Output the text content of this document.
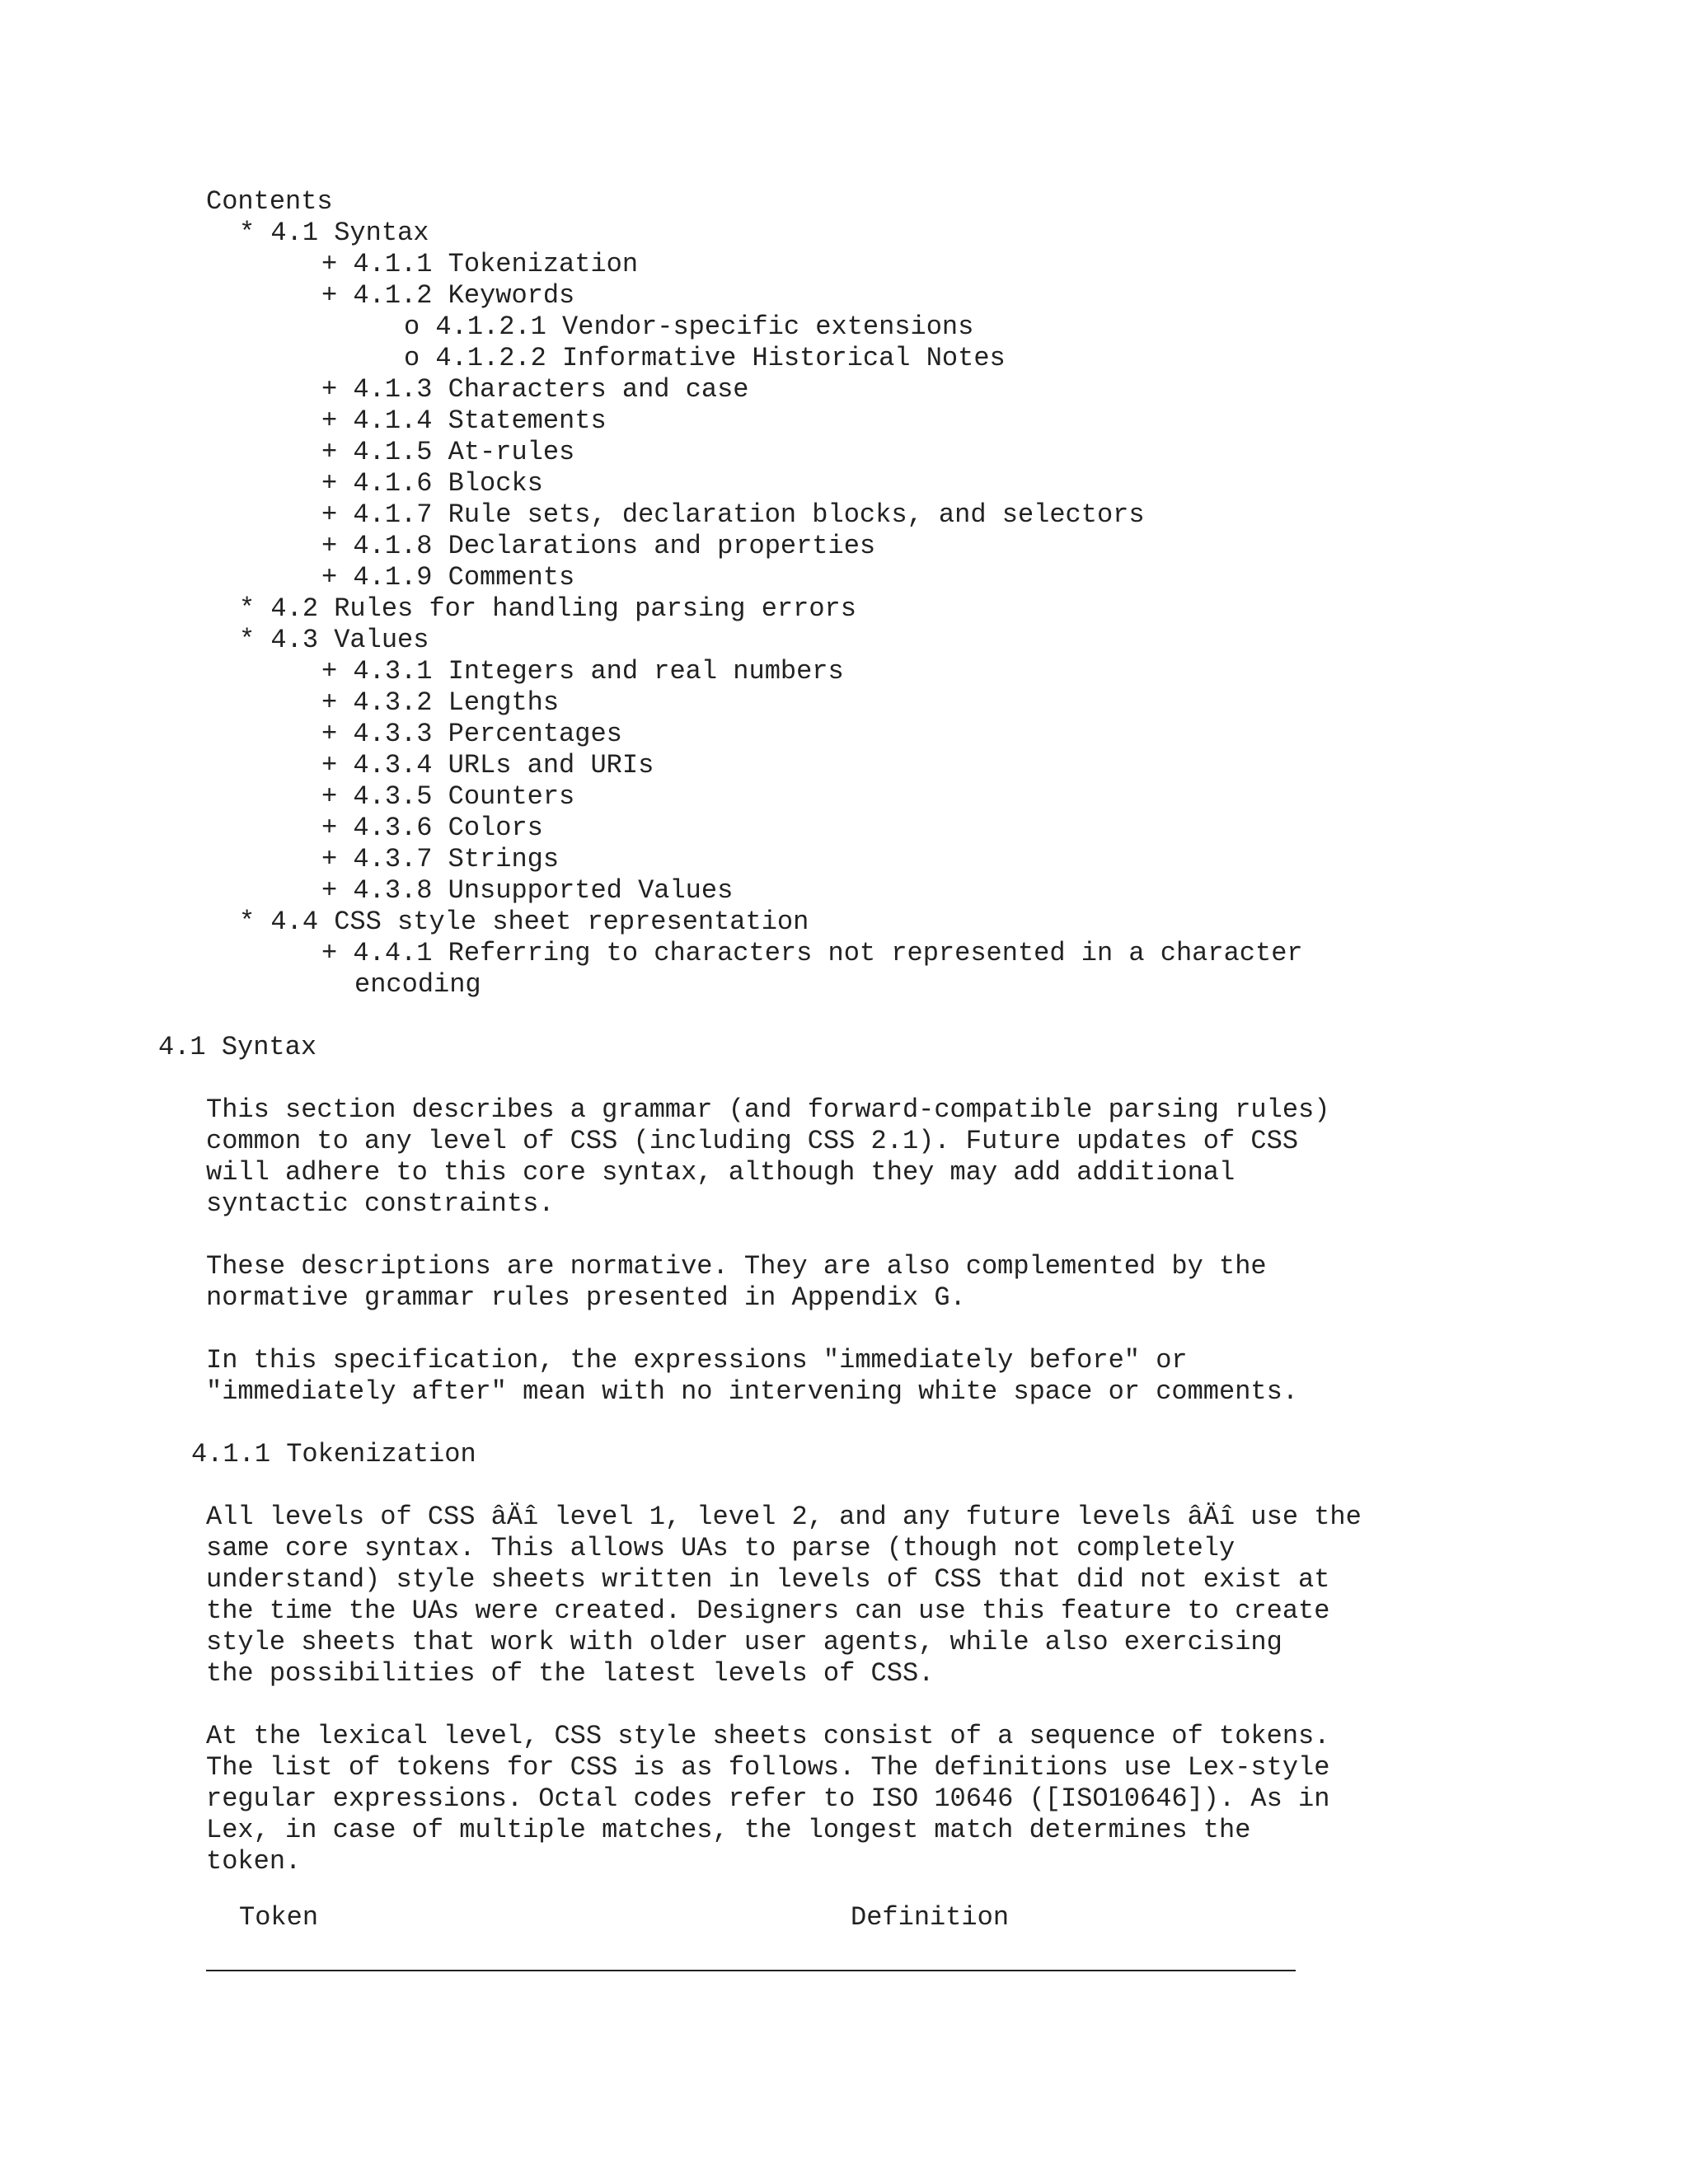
Contents
* 4.1 Syntax
+ 4.1.1 Tokenization
+ 4.1.2 Keywords
o 4.1.2.1 Vendor-specific extensions
o 4.1.2.2 Informative Historical Notes
+ 4.1.3 Characters and case
+ 4.1.4 Statements
+ 4.1.5 At-rules
+ 4.1.6 Blocks
+ 4.1.7 Rule sets, declaration blocks, and selectors
+ 4.1.8 Declarations and properties
+ 4.1.9 Comments
* 4.2 Rules for handling parsing errors
* 4.3 Values
+ 4.3.1 Integers and real numbers
+ 4.3.2 Lengths
+ 4.3.3 Percentages
+ 4.3.4 URLs and URIs
+ 4.3.5 Counters
+ 4.3.6 Colors
+ 4.3.7 Strings
+ 4.3.8 Unsupported Values
* 4.4 CSS style sheet representation
+ 4.4.1 Referring to characters not represented in a character
encoding
4.1 Syntax
This section describes a grammar (and forward-compatible parsing rules)
common to any level of CSS (including CSS 2.1). Future updates of CSS
will adhere to this core syntax, although they may add additional
syntactic constraints.
These descriptions are normative. They are also complemented by the
normative grammar rules presented in Appendix G.
In this specification, the expressions "immediately before" or
"immediately after" mean with no intervening white space or comments.
4.1.1 Tokenization
All levels of CSS âÄî level 1, level 2, and any future levels âÄî use the
same core syntax. This allows UAs to parse (though not completely
understand) style sheets written in levels of CSS that did not exist at
the time the UAs were created. Designers can use this feature to create
style sheets that work with older user agents, while also exercising
the possibilities of the latest levels of CSS.
At the lexical level, CSS style sheets consist of a sequence of tokens.
The list of tokens for CSS is as follows. The definitions use Lex-style
regular expressions. Octal codes refer to ISO 10646 ([ISO10646]). As in
Lex, in case of multiple matches, the longest match determines the
token.
Token	Definition
